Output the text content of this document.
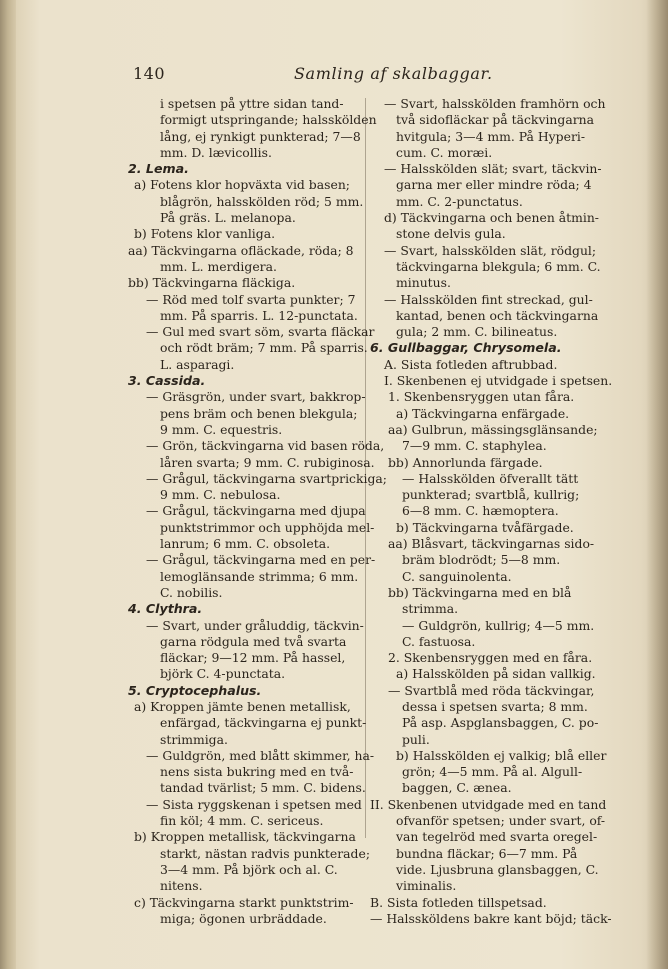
140	Samling af skalbaggar.
i spetsen på yttre sidan tand-
formigt utspringande; halsskölden
lång, ej rynkigt punkterad; 7—8
mm. D. lævicollis.
2. Lema.
a) Fotens klor hopväxta vid basen;
blågrön, halsskölden röd; 5 mm.
På gräs. L. melanopa.
b) Fotens klor vanliga.
aa) Täckvingarna ofläckade, röda; 8
mm. L. merdigera.
bb) Täckvingarna fläckiga.
— Röd med tolf svarta punkter; 7
mm. På sparris. L. 12-punctata.
— Gul med svart söm, svarta fläckar
och rödt bräm; 7 mm. På sparris.
L. asparagi.
3. Cassida.
— Gräsgrön, under svart, bakkrop-
pens bräm och benen blekgula;
9 mm. C. equestris.
— Grön, täckvingarna vid basen röda,
låren svarta; 9 mm. C. rubiginosa.
— Grågul, täckvingarna svartprickiga;
9 mm. C. nebulosa.
— Grågul, täckvingarna med djupa
punktstrimmor och upphöjda mel-
lanrum; 6 mm. C. obsoleta.
— Grågul, täckvingarna med en per-
lemoglänsande strimma; 6 mm.
C. nobilis.
4. Clythra.
— Svart, under gråluddig, täckvin-
garna rödgula med två svarta
fläckar; 9—12 mm. På hassel,
björk C. 4-punctata.
5. Cryptocephalus.
a) Kroppen jämte benen metallisk,
enfärgad, täckvingarna ej punkt-
strimmiga.
— Guldgrön, med blått skimmer, ha-
nens sista bukring med en två-
tandad tvärlist; 5 mm. C. bidens.
— Sista ryggskenan i spetsen med
fin köl; 4 mm. C. sericeus.
b) Kroppen metallisk, täckvingarna
starkt, nästan radvis punkterade;
3—4 mm. På björk och al. C.
nitens.
c) Täckvingarna starkt punktstrim-
miga; ögonen urbräddade.
— Svart, halsskölden framhörn och
två sidofläckar på täckvingarna
hvitgula; 3—4 mm. På Hyperi-
cum. C. moræi.
— Halsskölden slät; svart, täckvin-
garna mer eller mindre röda; 4
mm. C. 2-punctatus.
d) Täckvingarna och benen åtmin-
stone delvis gula.
— Svart, halsskölden slät, rödgul;
täckvingarna blekgula; 6 mm. C.
minutus.
— Halsskölden fint streckad, gul-
kantad, benen och täckvingarna
gula; 2 mm. C. bilineatus.
6. Gullbaggar, Chrysomela.
A. Sista fotleden aftrubbad.
I. Skenbenen ej utvidgade i spetsen.
1. Skenbensryggen utan fåra.
a) Täckvingarna enfärgade.
aa) Gulbrun, mässingsglänsande;
7—9 mm. C. staphylea.
bb) Annorlunda färgade.
— Halsskölden öfverallt tätt
punkterad; svartblå, kullrig;
6—8 mm. C. hæmoptera.
b) Täckvingarna tvåfärgade.
aa) Blåsvart, täckvingarnas sido-
bräm blodrödt; 5—8 mm.
C. sanguinolenta.
bb) Täckvingarna med en blå
strimma.
— Guldgrön, kullrig; 4—5 mm.
C. fastuosa.
2. Skenbensryggen med en fåra.
a) Halsskölden på sidan vallkig.
— Svartblå med röda täckvingar,
dessa i spetsen svarta; 8 mm.
På asp. Aspglansbaggen, C. po-
puli.
b) Halsskölden ej valkig; blå eller
grön; 4—5 mm. På al. Algull-
baggen, C. ænea.
II. Skenbenen utvidgade med en tand
ofvanför spetsen; under svart, of-
van tegelröd med svarta oregel-
bundna fläckar; 6—7 mm. På
vide. Ljusbruna glansbaggen, C.
viminalis.
B. Sista fotleden tillspetsad.
— Halssköldens bakre kant böjd; täck-
